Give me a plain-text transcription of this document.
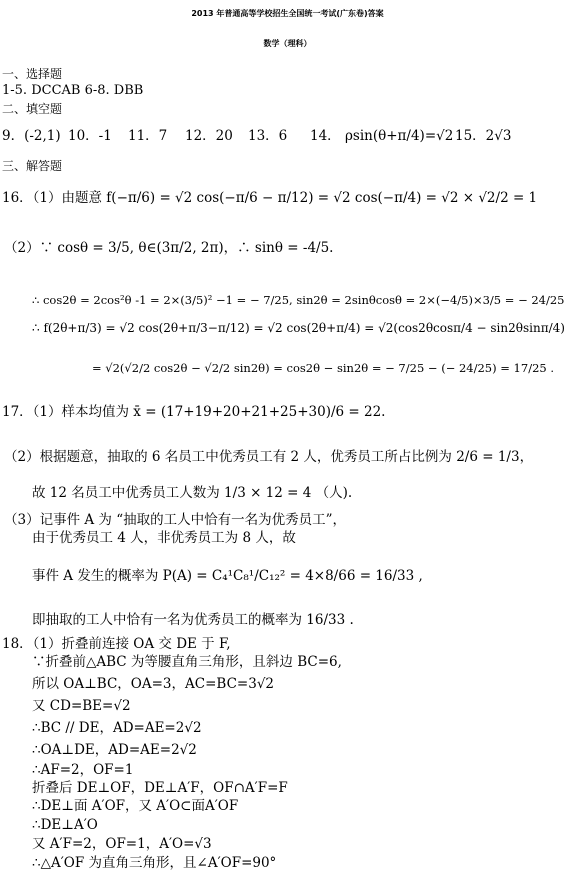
2013 年普通高等学校招生全国统一考试(广东卷)答案
数学（理科）
一、选择题
1-5. DCCAB 6-8. DBB
二、填空题
9．(-2,1) 10．-1 11．7 12．20 13．6 14． ρsin(θ+π/4)=√2 15．2√3
三、解答题
16．（1）由题意 f(−π/6) = √2 cos(−π/6 − π/12) = √2 cos(−π/4) = √2 × √2/2 = 1
（2）∵ cosθ = 3/5, θ∈(3π/2, 2π)，∴ sinθ = -4/5.
∴ cos2θ = 2cos²θ -1 = 2×(3/5)² −1 = − 7/25, sin2θ = 2sinθcosθ = 2×(−4/5)×3/5 = − 24/25
∴ f(2θ+π/3) = √2 cos(2θ+π/3−π/12) = √2 cos(2θ+π/4) = √2(cos2θcosπ/4 − sin2θsinπ/4)
= √2(√2/2 cos2θ − √2/2 sin2θ) = cos2θ − sin2θ = − 7/25 − (− 24/25) = 17/25 .
17．（1）样本均值为 x̄ = (17+19+20+21+25+30)/6 = 22.
（2）根据题意，抽取的 6 名员工中优秀员工有 2 人，优秀员工所占比例为 2/6 = 1/3，
故 12 名员工中优秀员工人数为 1/3 × 12 = 4 （人).
（3）记事件 A 为 “抽取的工人中恰有一名为优秀员工”，
由于优秀员工 4 人，非优秀员工为 8 人，故
事件 A 发生的概率为 P(A) = C₄¹C₈¹/C₁₂² = 4×8/66 = 16/33 ,
即抽取的工人中恰有一名为优秀员工的概率为 16/33 .
18．（1）折叠前连接 OA 交 DE 于 F,
∵折叠前△ABC 为等腰直角三角形，且斜边 BC=6,
所以 OA⊥BC，OA=3，AC=BC=3√2
又 CD=BE=√2
∴BC // DE，AD=AE=2√2
∴OA⊥DE，AD=AE=2√2
∴AF=2，OF=1
折叠后 DE⊥OF，DE⊥A′F，OF∩A′F=F
∴DE⊥面 A′OF，又 A′O⊂面A′OF
∴DE⊥A′O
又 A′F=2，OF=1，A′O=√3
∴△A′OF 为直角三角形，且∠A′OF=90°
